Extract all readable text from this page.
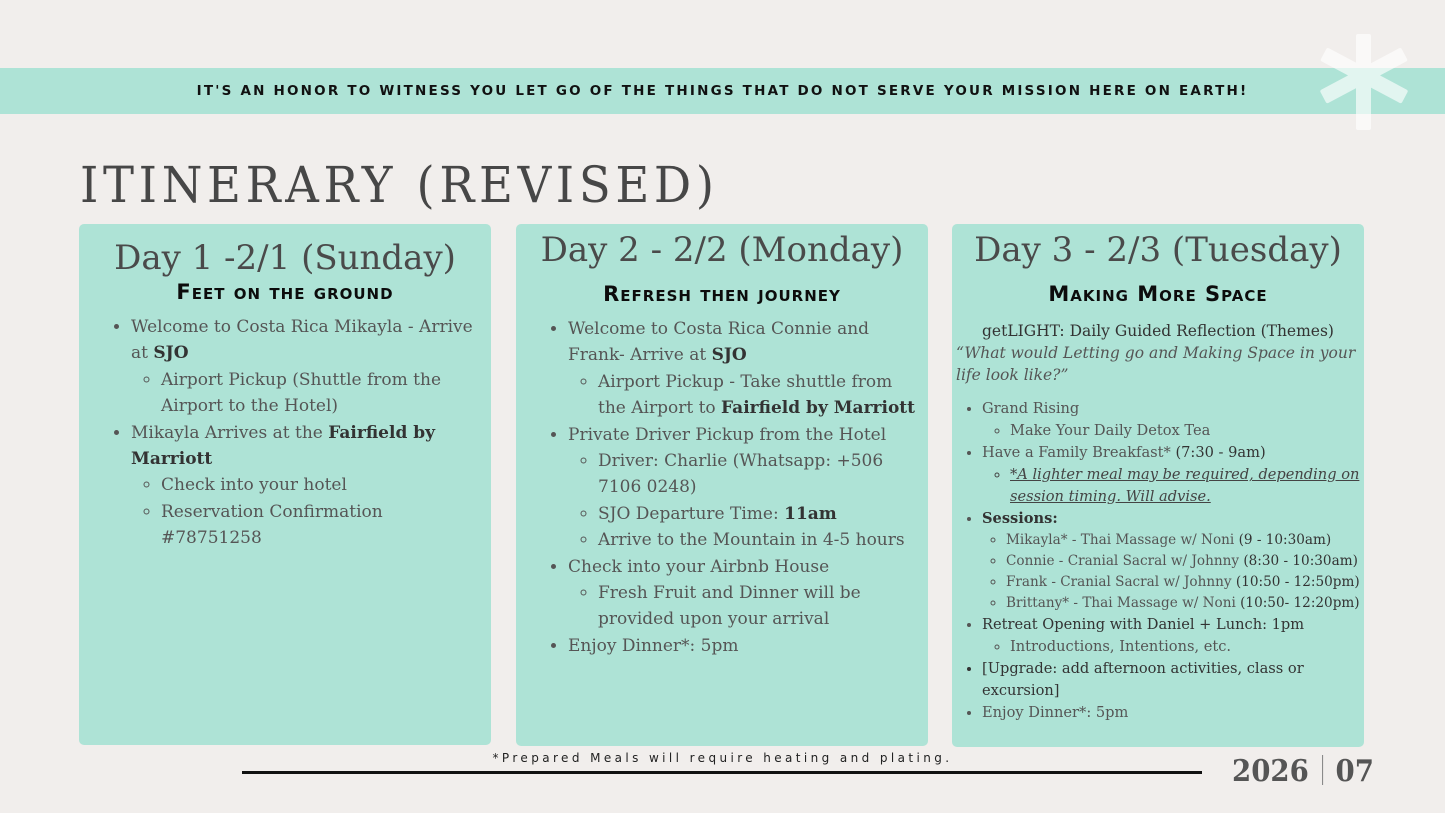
IT'S AN HONOR TO WITNESS YOU LET GO OF THE THINGS THAT DO NOT SERVE YOUR MISSION HERE ON EARTH!
ITINERARY (REVISED)
Day 1 -2/1 (Sunday)
Feet on the ground
• Welcome to Costa Rica Mikayla - Arrive at SJO
◦ Airport Pickup (Shuttle from the Airport to the Hotel)
• Mikayla Arrives at the Fairfield by Marriott
◦ Check into your hotel
◦ Reservation Confirmation #78751258
Day 2 - 2/2 (Monday)
Refresh then journey
• Welcome to Costa Rica Connie and Frank- Arrive at SJO
◦ Airport Pickup - Take shuttle from the Airport to Fairfield by Marriott
• Private Driver Pickup from the Hotel
◦ Driver: Charlie (Whatsapp: +506 7106 0248)
◦ SJO Departure Time: 11am
◦ Arrive to the Mountain in 4-5 hours
• Check into your Airbnb House
◦ Fresh Fruit and Dinner will be provided upon your arrival
• Enjoy Dinner*: 5pm
Day 3 - 2/3 (Tuesday)
Making More Space
getLIGHT: Daily Guided Reflection (Themes)
“What would Letting go and Making Space in your life look like?”
• Grand Rising
◦ Make Your Daily Detox Tea
• Have a Family Breakfast* (7:30 - 9am)
◦ *A lighter meal may be required, depending on session timing. Will advise.
• Sessions:
◦ Mikayla* - Thai Massage w/ Noni (9 - 10:30am)
◦ Connie - Cranial Sacral w/ Johnny (8:30 - 10:30am)
◦ Frank - Cranial Sacral w/ Johnny (10:50 - 12:50pm)
◦ Brittany* - Thai Massage w/ Noni (10:50- 12:20pm)
• Retreat Opening with Daniel + Lunch: 1pm
◦ Introductions, Intentions, etc.
• [Upgrade: add afternoon activities, class or excursion]
• Enjoy Dinner*: 5pm
*Prepared Meals will require heating and plating.	2026 07
